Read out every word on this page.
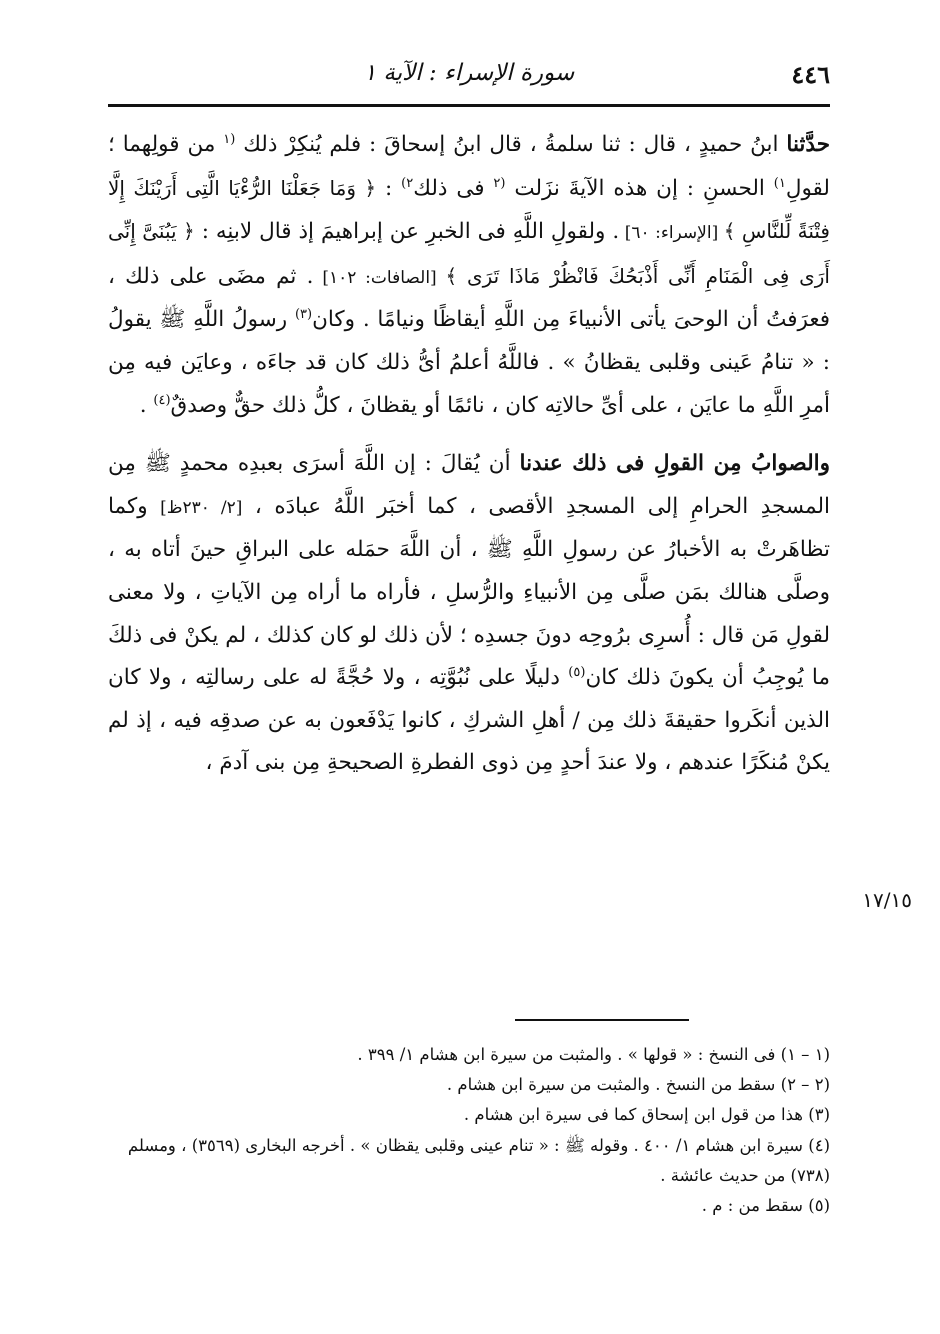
٤٤٦
سورة الإسراء : الآية ١

حدَّثنا ابنُ حميدٍ ، قال : ثنا سلمةُ ، قال ابنُ إسحاقَ : فلم يُنكِرْ ذلك $^{(١}$ من قولِهما ؛ لقولِ$^{١)}$ الحسنِ : إن هذه الآيةَ نزَلت $^{(٢}$ فى ذلك$^{٢)}$ : ﴿ وَمَا جَعَلْنَا الرُّءْيَا الَّتِى أَرَيْنَكَ إِلَّا فِتْنَةً لِّلنَّاسِ ﴾ [الإسراء: ٦٠] . ولقولِ اللَّهِ فى الخبرِ عن إبراهيمَ إذ قال لابنِه : ﴿ يَبُنَىَّ إِنِّى أَرَى فِى الْمَنَامِ أَنِّى أَذْبَحُكَ فَانْظُرْ مَاذَا تَرَى ﴾ [الصافات: ١٠٢] . ثم مضَى على ذلك ، فعرَفتُ أن الوحىَ يأتى الأنبياءَ مِن اللَّهِ أيقاظًا ونيامًا . وكان$^{(٣)}$ رسولُ اللَّهِ ﷺ يقولُ : « تنامُ عَينى وقلبى يقظانُ » . فاللَّهُ أعلمُ أىُّ ذلك كان قد جاءَه ، وعايَن فيه مِن أمرِ اللَّهِ ما عايَن ، على أىِّ حالاتِه كان ، نائمًا أو يقظانَ ، كلُّ ذلك حقٌّ وصدقٌ$^{(٤)}$ .

والصوابُ مِن القولِ فى ذلك عندنا أن يُقالَ : إن اللَّهَ أسرَى بعبدِه محمدٍ ﷺ مِن المسجدِ الحرامِ إلى المسجدِ الأقصى ، كما أخبَر اللَّهُ عبادَه ، [٢/ ٢٣٠ظ] وكما تظاهَرتْ به الأخبارُ عن رسولِ اللَّهِ ﷺ ، أن اللَّهَ حمَله على البراقِ حينَ أتاه به ، وصلَّى هنالك بمَن صلَّى مِن الأنبياءِ والرُّسلِ ، فأراه ما أراه مِن الآياتِ ، ولا معنى لقولِ مَن قال : أُسرِى برُوحِه دونَ جسدِه ؛ لأن ذلك لو كان كذلك ، لم يكنْ فى ذلكَ ما يُوجِبُ أن يكونَ ذلك كان$^{(٥)}$ دليلًا على نُبُوَّتِه ، ولا حُجَّةً له على رسالتِه ، ولا كان الذين أنكَروا حقيقةَ ذلك مِن / أهلِ الشركِ ، كانوا يَدْفَعون به عن صدقِه فيه ، إذ لم يكنْ مُنكَرًا عندهم ، ولا عندَ أحدٍ مِن ذوى الفطرةِ الصحيحةِ مِن بنى آدمَ ،

١٧/١٥
(١ – ١) فى النسخ : « قولها » . والمثبت من سيرة ابن هشام ١/ ٣٩٩ .
(٢ – ٢) سقط من النسخ . والمثبت من سيرة ابن هشام .
(٣) هذا من قول ابن إسحاق كما فى سيرة ابن هشام .
(٤) سيرة ابن هشام ١/ ٤٠٠ . وقوله ﷺ : « تنام عينى وقلبى يقظان » . أخرجه البخارى (٣٥٦٩) ، ومسلم
(٧٣٨) من حديث عائشة .
(٥) سقط من : م .
